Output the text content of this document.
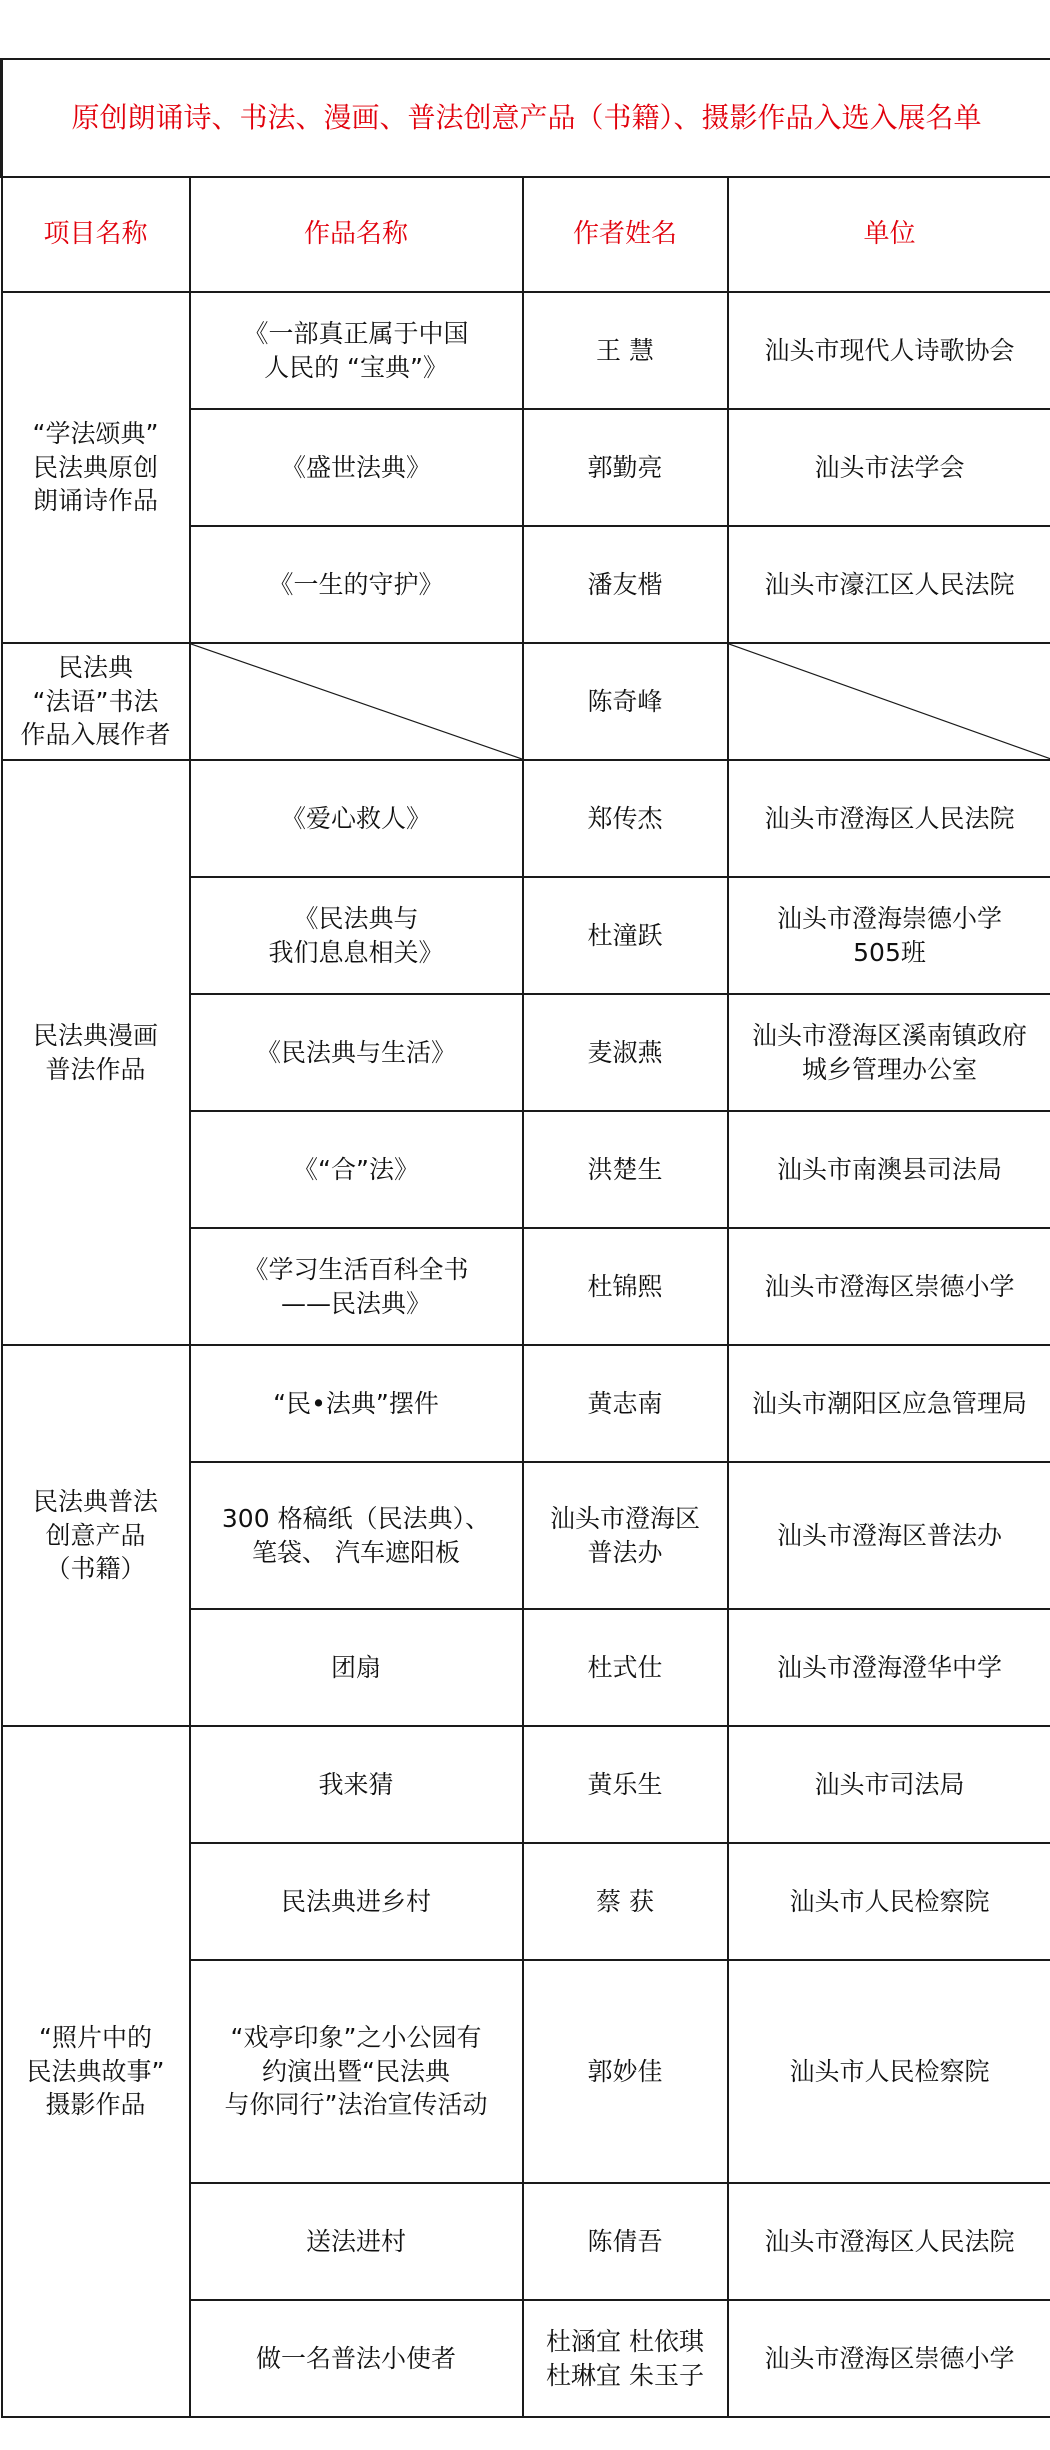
原创朗诵诗、书法、漫画、普法创意产品（书籍）、摄影作品入选入展名单			
项目名称	作品名称	作者姓名	单位
“学法颂典”
民法典原创
朗诵诗作品	《一部真正属于中国
人民的 “宝典”》	王 慧	汕头市现代人诗歌协会
	《盛世法典》	郭勤亮	汕头市法学会
	《一生的守护》	潘友楷	汕头市濠江区人民法院
民法典
“法语”书法
作品入展作者		陈奇峰	

民法典漫画
普法作品	《爱心救人》	郑传杰	汕头市澄海区人民法院
	《民法典与
我们息息相关》	杜潼跃	汕头市澄海崇德小学
505班
	《民法典与生活》	麦淑燕	汕头市澄海区溪南镇政府
城乡管理办公室
	《“合”法》	洪楚生	汕头市南澳县司法局
	《学习生活百科全书
——民法典》	杜锦熙	汕头市澄海区崇德小学
民法典普法
创意产品
（书籍）	“民•法典”摆件	黄志南	汕头市潮阳区应急管理局
	300 格稿纸（民法典）、
笔袋、 汽车遮阳板	汕头市澄海区
普法办	汕头市澄海区普法办
	团扇	杜式仕	汕头市澄海澄华中学
“照片中的
民法典故事”
摄影作品	我来猜	黄乐生	汕头市司法局
	民法典进乡村	蔡 获	汕头市人民检察院
	“戏亭印象”之小公园有
约演出暨“民法典
与你同行”法治宣传活动	郭妙佳	汕头市人民检察院
	送法进村	陈倩吾	汕头市澄海区人民法院
	做一名普法小使者	杜涵宜 杜依琪
杜琳宜 朱玉子	汕头市澄海区崇德小学
